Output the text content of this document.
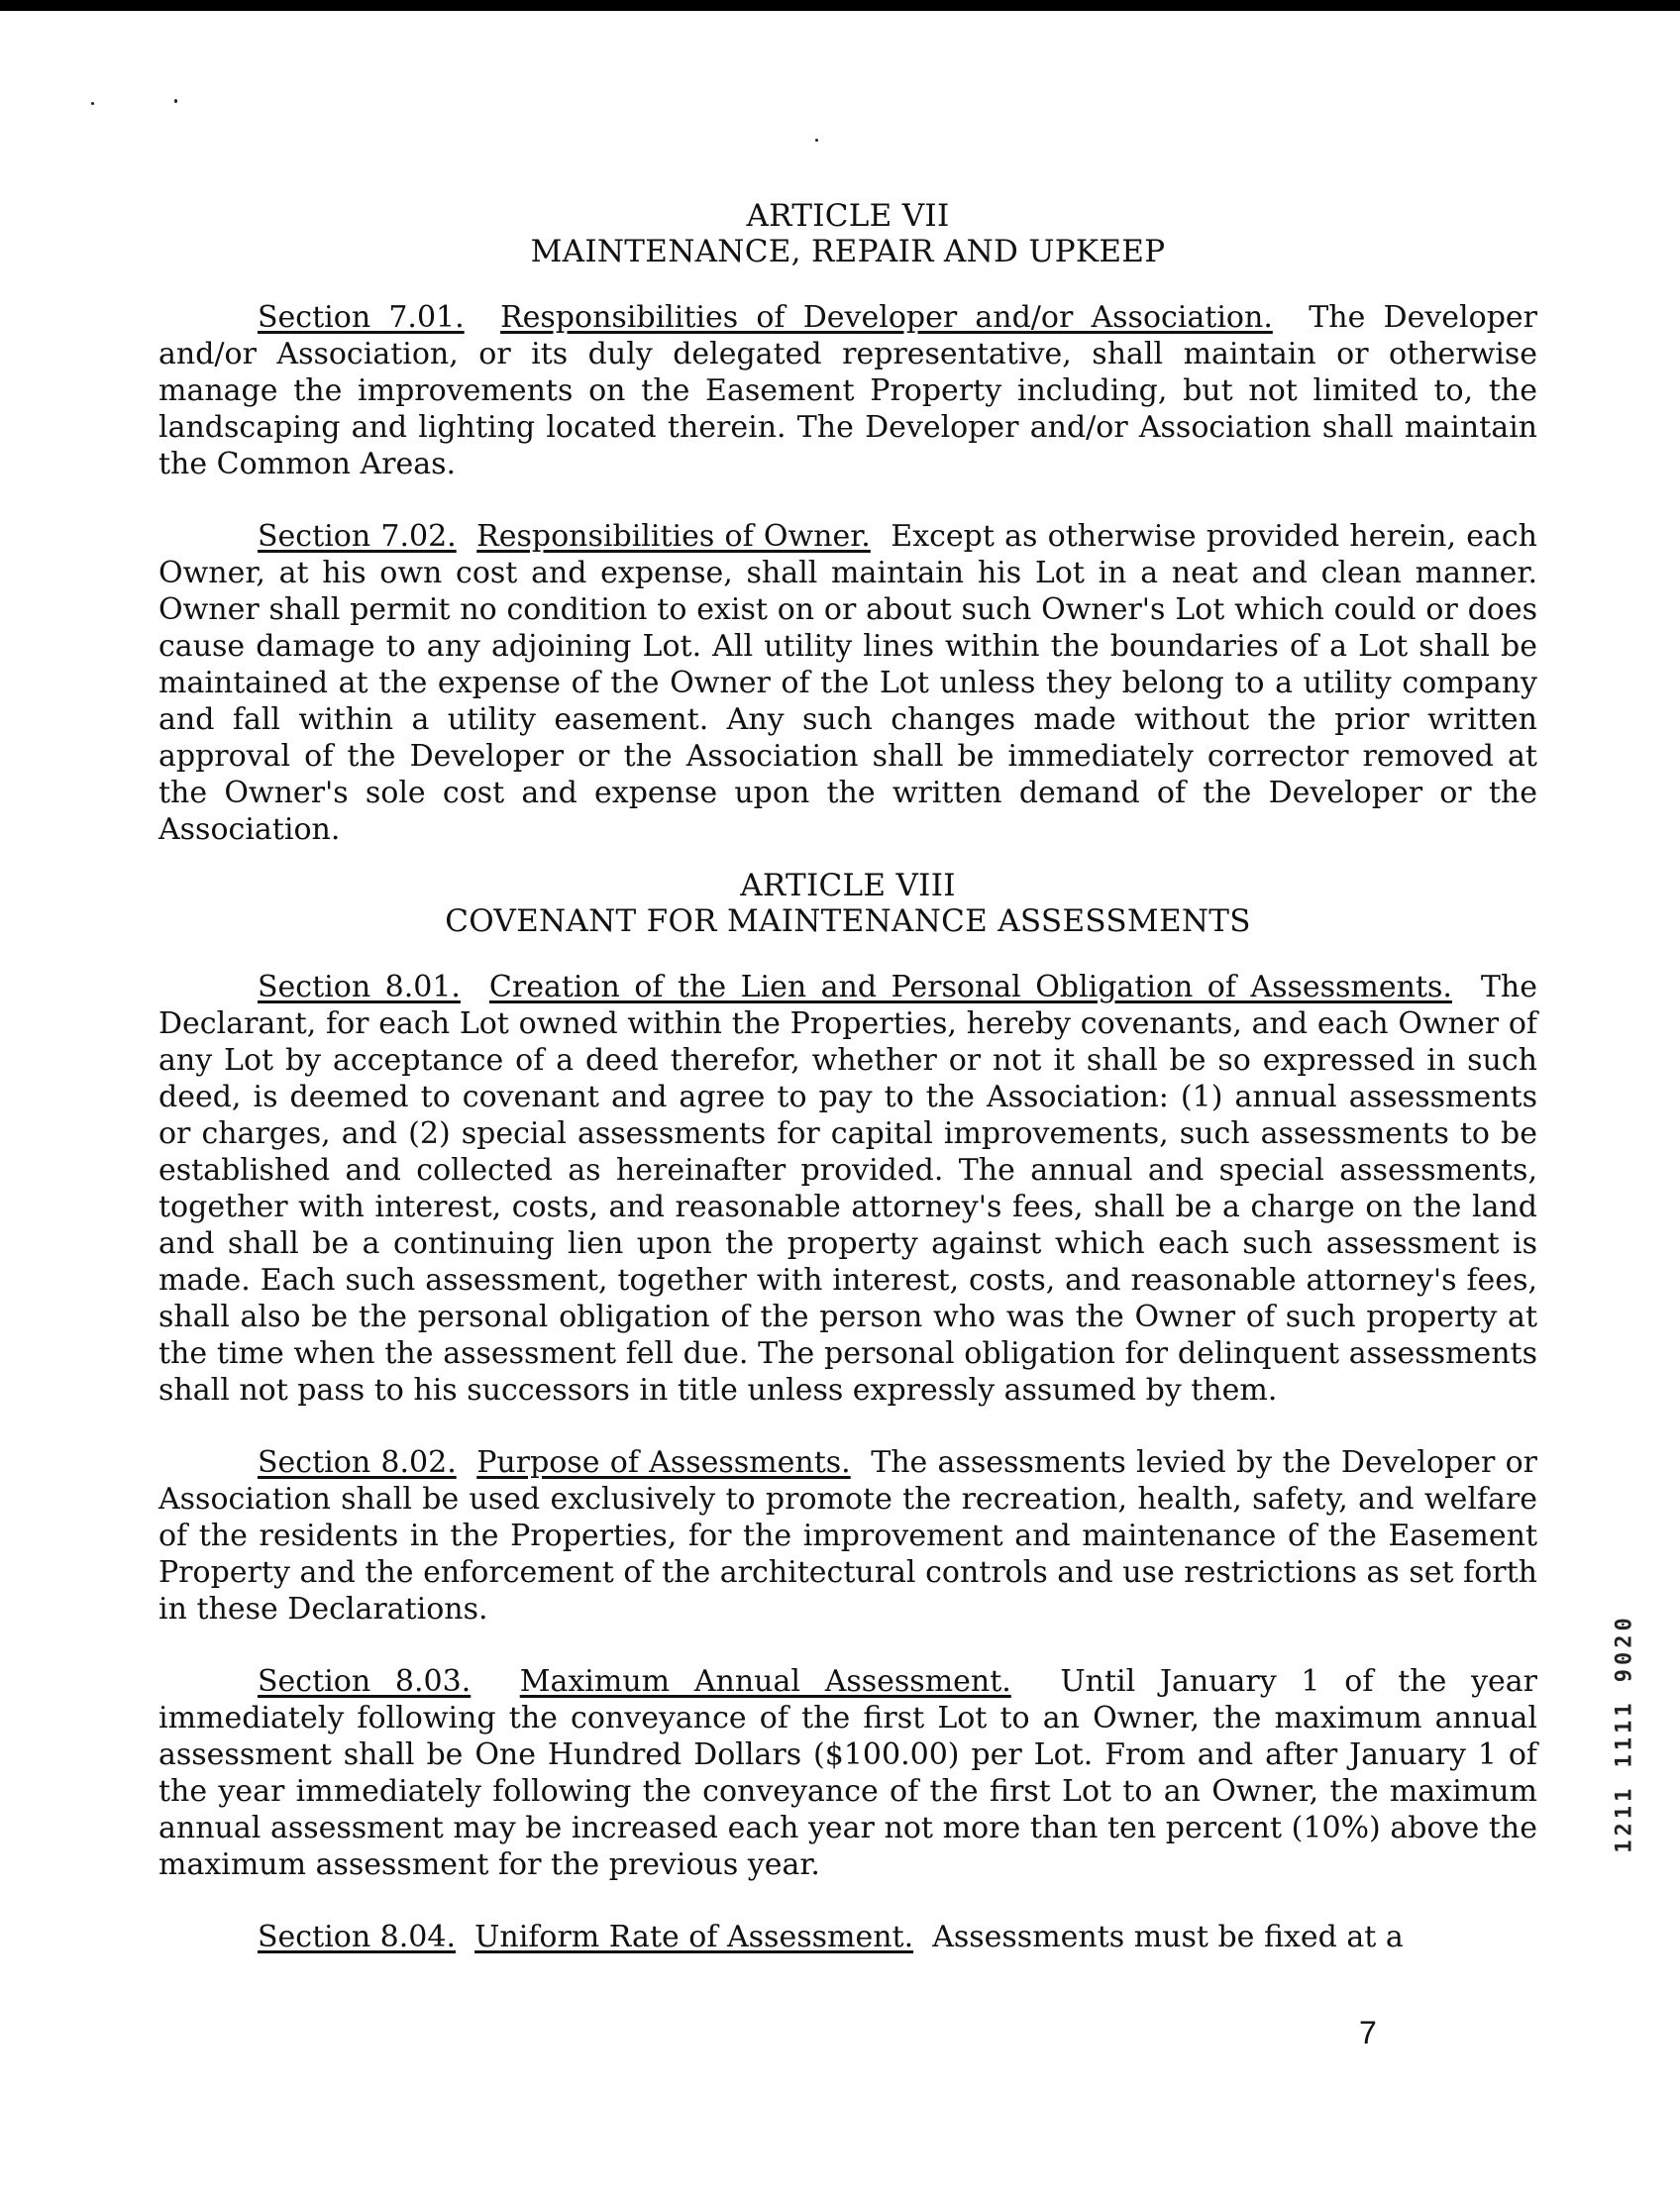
ARTICLE VII
MAINTENANCE, REPAIR AND UPKEEP

Section 7.01. Responsibilities of Developer and/or Association. The Developer and/or Association, or its duly delegated representative, shall maintain or otherwise manage the improvements on the Easement Property including, but not limited to, the landscaping and lighting located therein. The Developer and/or Association shall maintain the Common Areas.

Section 7.02. Responsibilities of Owner. Except as otherwise provided herein, each Owner, at his own cost and expense, shall maintain his Lot in a neat and clean manner. Owner shall permit no condition to exist on or about such Owner's Lot which could or does cause damage to any adjoining Lot. All utility lines within the boundaries of a Lot shall be maintained at the expense of the Owner of the Lot unless they belong to a utility company and fall within a utility easement. Any such changes made without the prior written approval of the Developer or the Association shall be immediately corrector removed at the Owner's sole cost and expense upon the written demand of the Developer or the Association.

ARTICLE VIII
COVENANT FOR MAINTENANCE ASSESSMENTS

Section 8.01. Creation of the Lien and Personal Obligation of Assessments. The Declarant, for each Lot owned within the Properties, hereby covenants, and each Owner of any Lot by acceptance of a deed therefor, whether or not it shall be so expressed in such deed, is deemed to covenant and agree to pay to the Association: (1) annual assessments or charges, and (2) special assessments for capital improvements, such assessments to be established and collected as hereinafter provided. The annual and special assessments, together with interest, costs, and reasonable attorney's fees, shall be a charge on the land and shall be a continuing lien upon the property against which each such assessment is made. Each such assessment, together with interest, costs, and reasonable attorney's fees, shall also be the personal obligation of the person who was the Owner of such property at the time when the assessment fell due. The personal obligation for delinquent assessments shall not pass to his successors in title unless expressly assumed by them.

Section 8.02. Purpose of Assessments. The assessments levied by the Developer or Association shall be used exclusively to promote the recreation, health, safety, and welfare of the residents in the Properties, for the improvement and maintenance of the Easement Property and the enforcement of the architectural controls and use restrictions as set forth in these Declarations.

Section 8.03. Maximum Annual Assessment. Until January 1 of the year immediately following the conveyance of the first Lot to an Owner, the maximum annual assessment shall be One Hundred Dollars ($100.00) per Lot. From and after January 1 of the year immediately following the conveyance of the first Lot to an Owner, the maximum annual assessment may be increased each year not more than ten percent (10%) above the maximum assessment for the previous year.

Section 8.04. Uniform Rate of Assessment. Assessments must be fixed at a

7
1211 1111 9020
